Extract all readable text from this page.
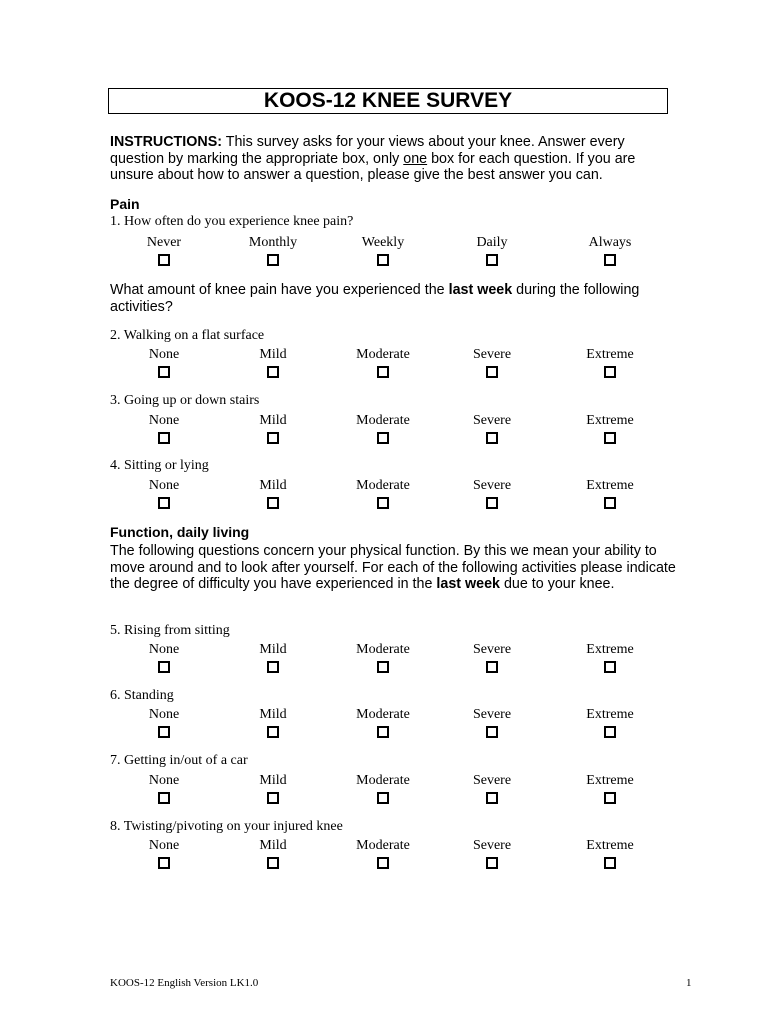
KOOS-12 KNEE SURVEY
INSTRUCTIONS: This survey asks for your views about your knee. Answer every question by marking the appropriate box, only one box for each question. If you are unsure about how to answer a question, please give the best answer you can.
Pain
1. How often do you experience knee pain?
Never	Monthly	Weekly	Daily	Always
What amount of knee pain have you experienced the last week during the following activities?
2. Walking on a flat surface
None	Mild	Moderate	Severe	Extreme
3. Going up or down stairs
None	Mild	Moderate	Severe	Extreme
4. Sitting or lying
None	Mild	Moderate	Severe	Extreme
Function, daily living
The following questions concern your physical function. By this we mean your ability to move around and to look after yourself. For each of the following activities please indicate the degree of difficulty you have experienced in the last week due to your knee.
5. Rising from sitting
None	Mild	Moderate	Severe	Extreme
6. Standing
None	Mild	Moderate	Severe	Extreme
7. Getting in/out of a car
None	Mild	Moderate	Severe	Extreme
8. Twisting/pivoting on your injured knee
None	Mild	Moderate	Severe	Extreme
KOOS-12 English Version LK1.0	1
